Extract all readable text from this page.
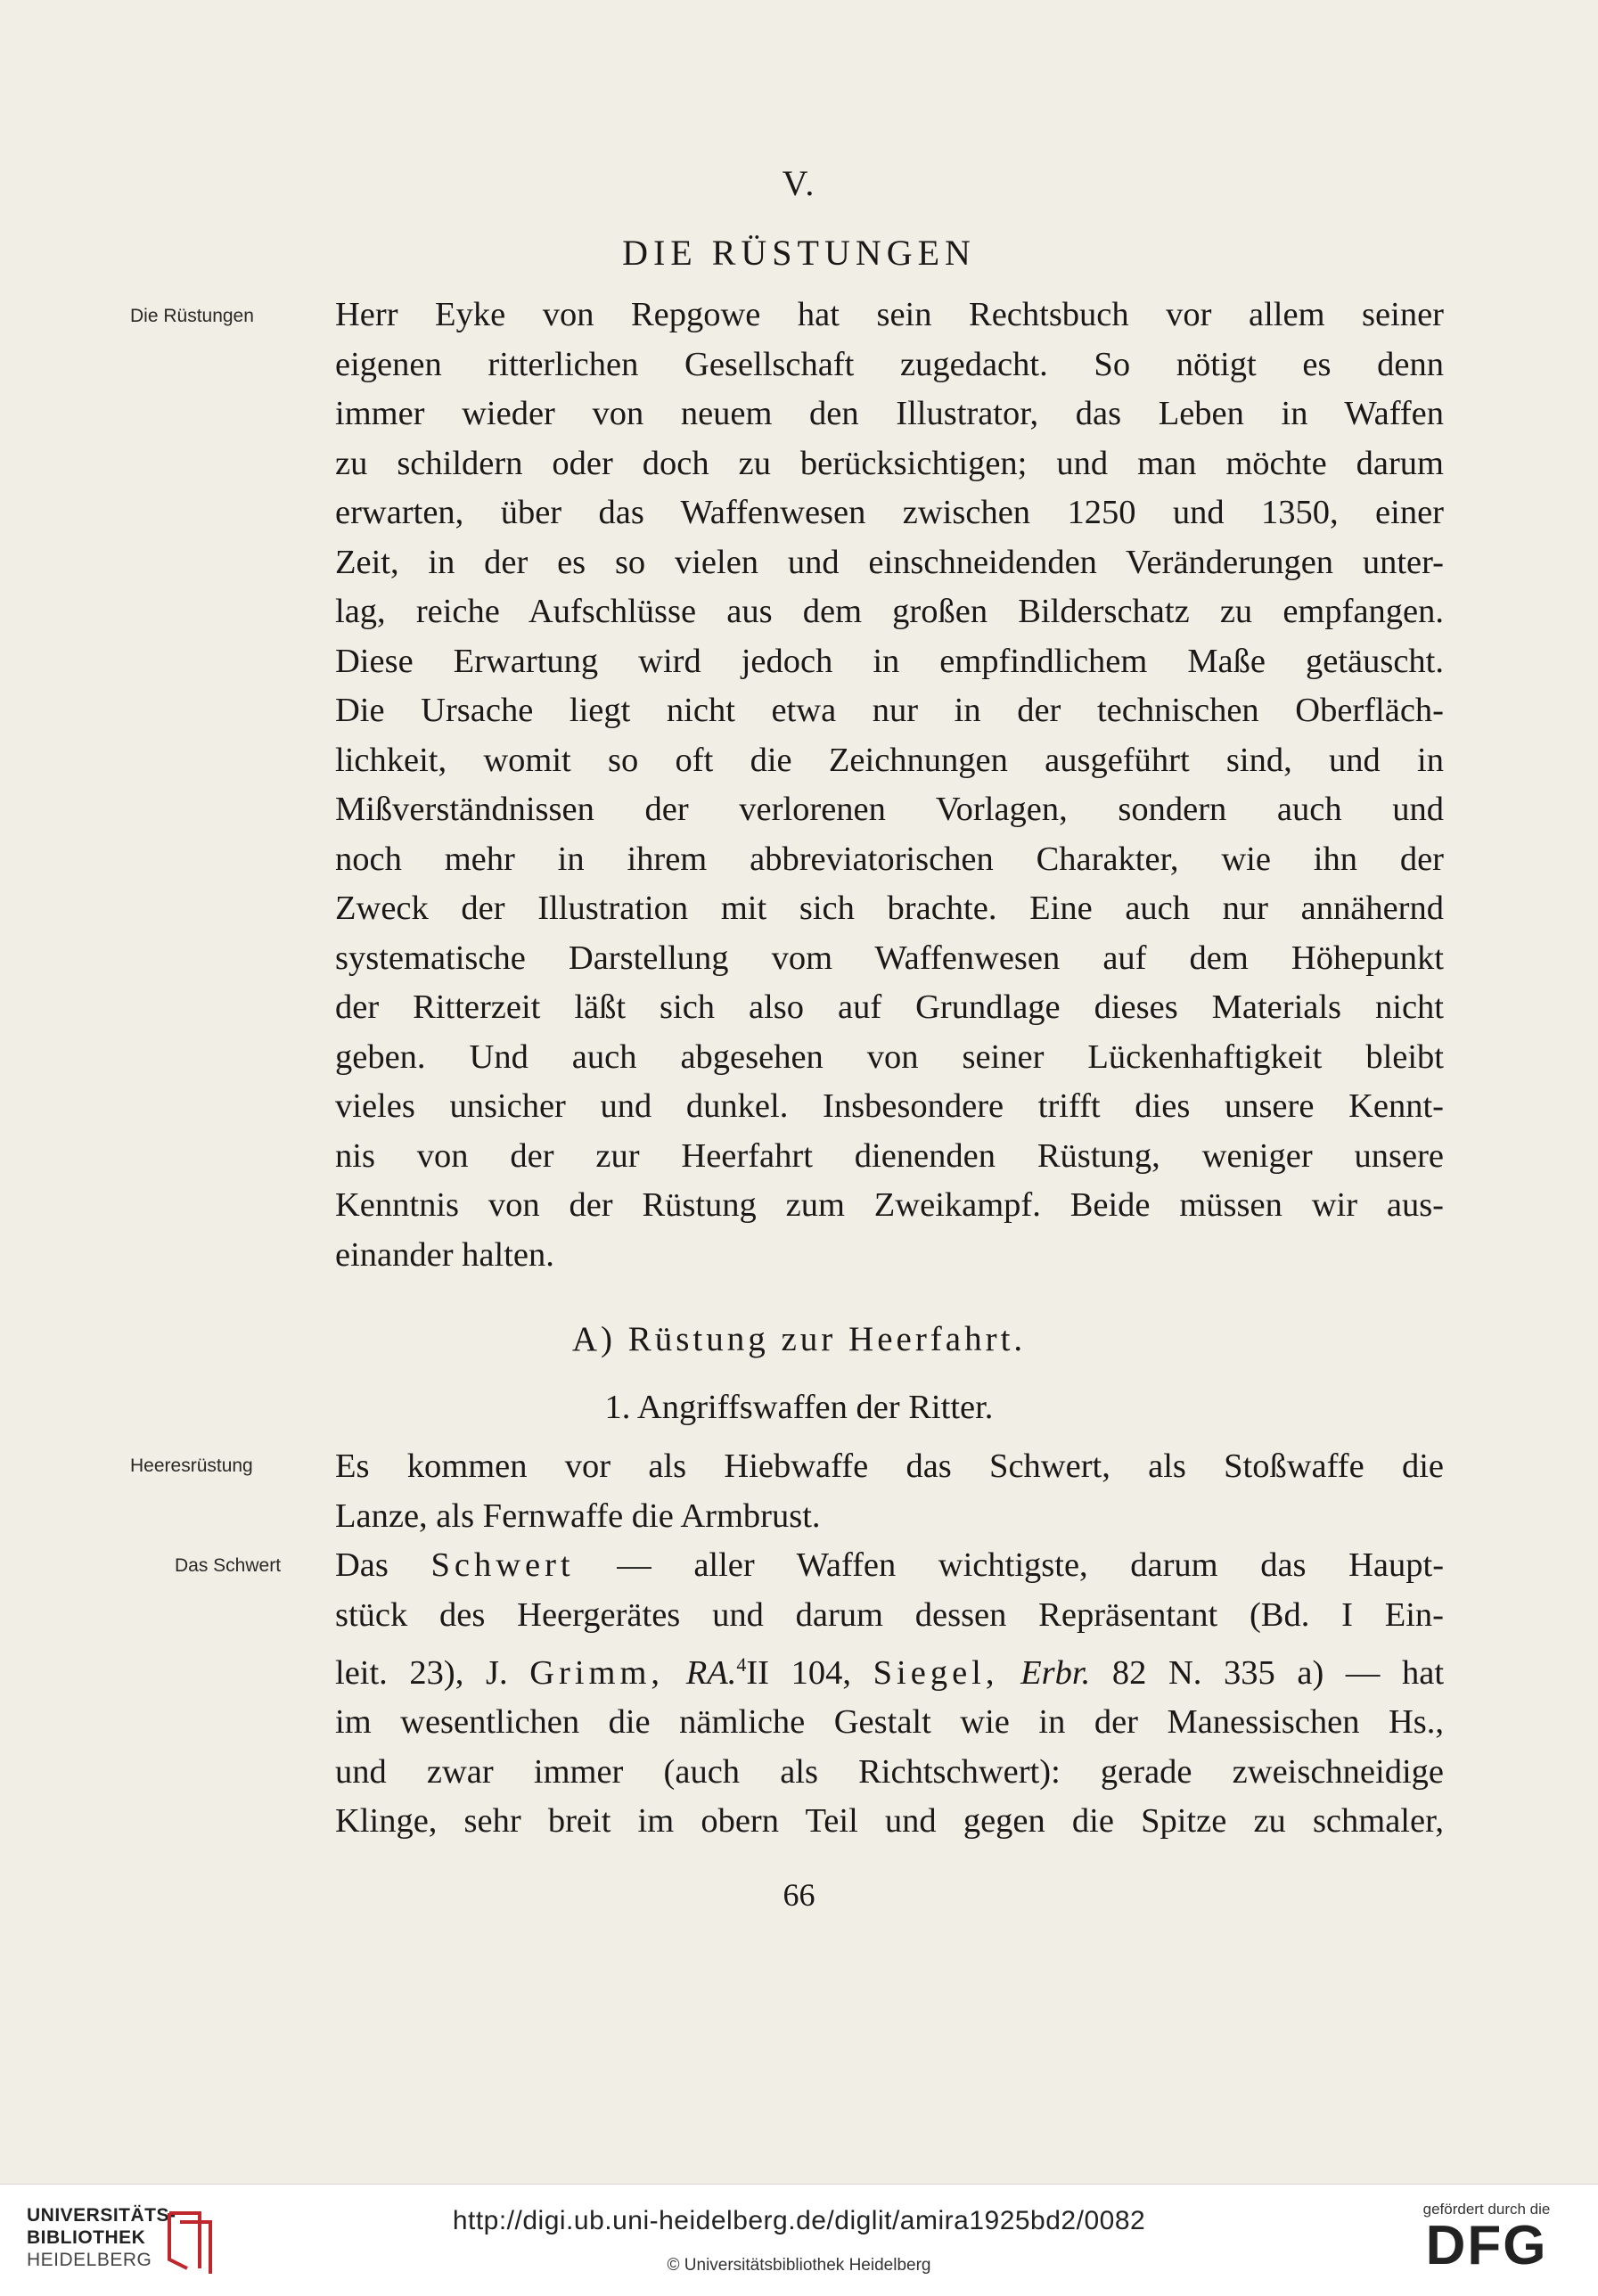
V.
DIE RÜSTUNGEN
Die Rüstungen Herr Eyke von Repgowe hat sein Rechtsbuch vor allem seiner
eigenen ritterlichen Gesellschaft zugedacht. So nötigt es denn
immer wieder von neuem den Illustrator, das Leben in Waffen
zu schildern oder doch zu berücksichtigen; und man möchte darum
erwarten, über das Waffenwesen zwischen 1250 und 1350, einer
Zeit, in der es so vielen und einschneidenden Veränderungen unter-
lag, reiche Aufschlüsse aus dem großen Bilderschatz zu empfangen.
Diese Erwartung wird jedoch in empfindlichem Maße getäuscht.
Die Ursache liegt nicht etwa nur in der technischen Oberfläch-
lichkeit, womit so oft die Zeichnungen ausgeführt sind, und in
Mißverständnissen der verlorenen Vorlagen, sondern auch und
noch mehr in ihrem abbreviatorischen Charakter, wie ihn der
Zweck der Illustration mit sich brachte. Eine auch nur annähernd
systematische Darstellung vom Waffenwesen auf dem Höhepunkt
der Ritterzeit läßt sich also auf Grundlage dieses Materials nicht
geben. Und auch abgesehen von seiner Lückenhaftigkeit bleibt
vieles unsicher und dunkel. Insbesondere trifft dies unsere Kennt-
nis von der zur Heerfahrt dienenden Rüstung, weniger unsere
Kenntnis von der Rüstung zum Zweikampf. Beide müssen wir aus-
einander halten.
A) Rüstung zur Heerfahrt.
1. Angriffswaffen der Ritter.
Heeresrüstung Es kommen vor als Hiebwaffe das Schwert, als Stoßwaffe die
Lanze, als Fernwaffe die Armbrust.
Das Schwert Das Schwert — aller Waffen wichtigste, darum das Haupt-
stück des Heergerätes und darum dessen Repräsentant (Bd. I Ein-
leit. 23), J. Grimm, RA.$^4$II 104, Siegel, Erbr. 82 N. 335 a) — hat
im wesentlichen die nämliche Gestalt wie in der Manessischen Hs.,
und zwar immer (auch als Richtschwert): gerade zweischneidige
Klinge, sehr breit im obern Teil und gegen die Spitze zu schmaler,
66
UNIVERSITÄTS-
BIBLIOTHEK
HEIDELBERG
http://digi.ub.uni-heidelberg.de/diglit/amira1925bd2/0082
© Universitätsbibliothek Heidelberg
gefördert durch die
DFG
